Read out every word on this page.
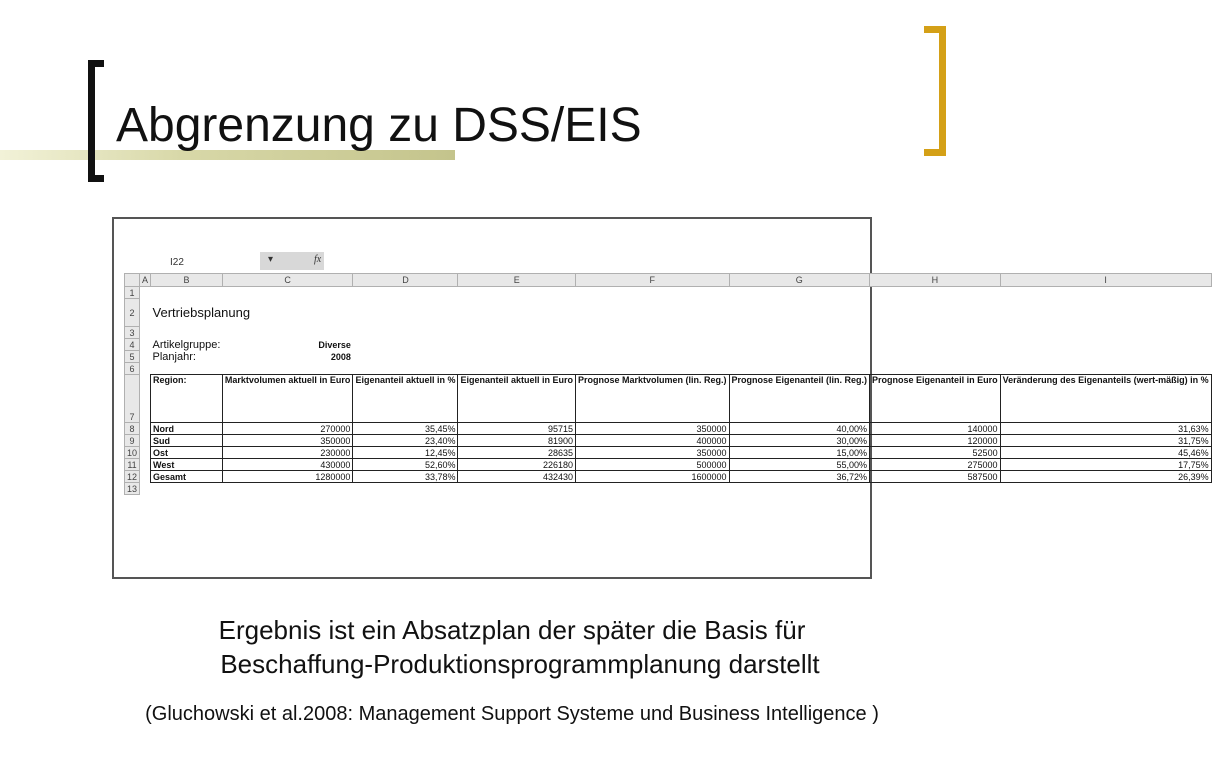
Abgrenzung zu DSS/EIS
I22	▾	fx
	A	B	C	D	E	F	G	H	I
1									
2		Vertriebsplanung							
3									
4		Artikelgruppe:	Diverse						
5		Planjahr:	2008						
6									
7		Region:	Marktvolumen aktuell in Euro	Eigenanteil aktuell in %	Eigenanteil aktuell in Euro	Prognose Marktvolumen (lin. Reg.)	Prognose Eigenanteil (lin. Reg.)	Prognose Eigenanteil in Euro	Veränderung des Eigenanteils (wert-mäßig) in %
8		Nord	270000	35,45%	95715	350000	40,00%	140000	31,63%
9		Sud	350000	23,40%	81900	400000	30,00%	120000	31,75%
10		Ost	230000	12,45%	28635	350000	15,00%	52500	45,46%
11		West	430000	52,60%	226180	500000	55,00%	275000	17,75%
12		Gesamt	1280000	33,78%	432430	1600000	36,72%	587500	26,39%
13									
Ergebnis ist ein Absatzplan der später die Basis für
Beschaffung-Produktionsprogrammplanung darstellt
(Gluchowski et al.2008: Management Support Systeme und Business Intelligence )
